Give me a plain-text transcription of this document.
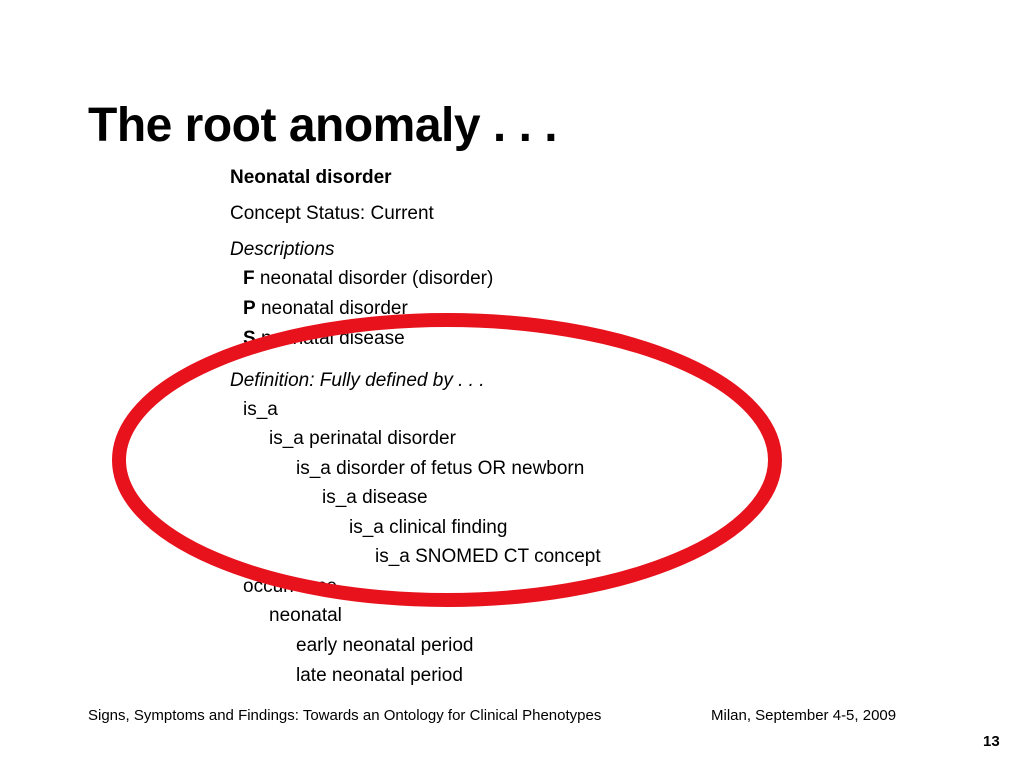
The root anomaly . . .
Neonatal disorder
Concept Status: Current
Descriptions
F neonatal disorder (disorder)
P neonatal disorder
S neonatal disease
Definition: Fully defined by . . .
is_a
is_a perinatal disorder
is_a disorder of fetus OR newborn
is_a disease
is_a clinical finding
is_a SNOMED CT concept
occurrence
neonatal
early neonatal period
late neonatal period
Signs, Symptoms and Findings: Towards an Ontology for Clinical Phenotypes	Milan, September 4-5, 2009
13
